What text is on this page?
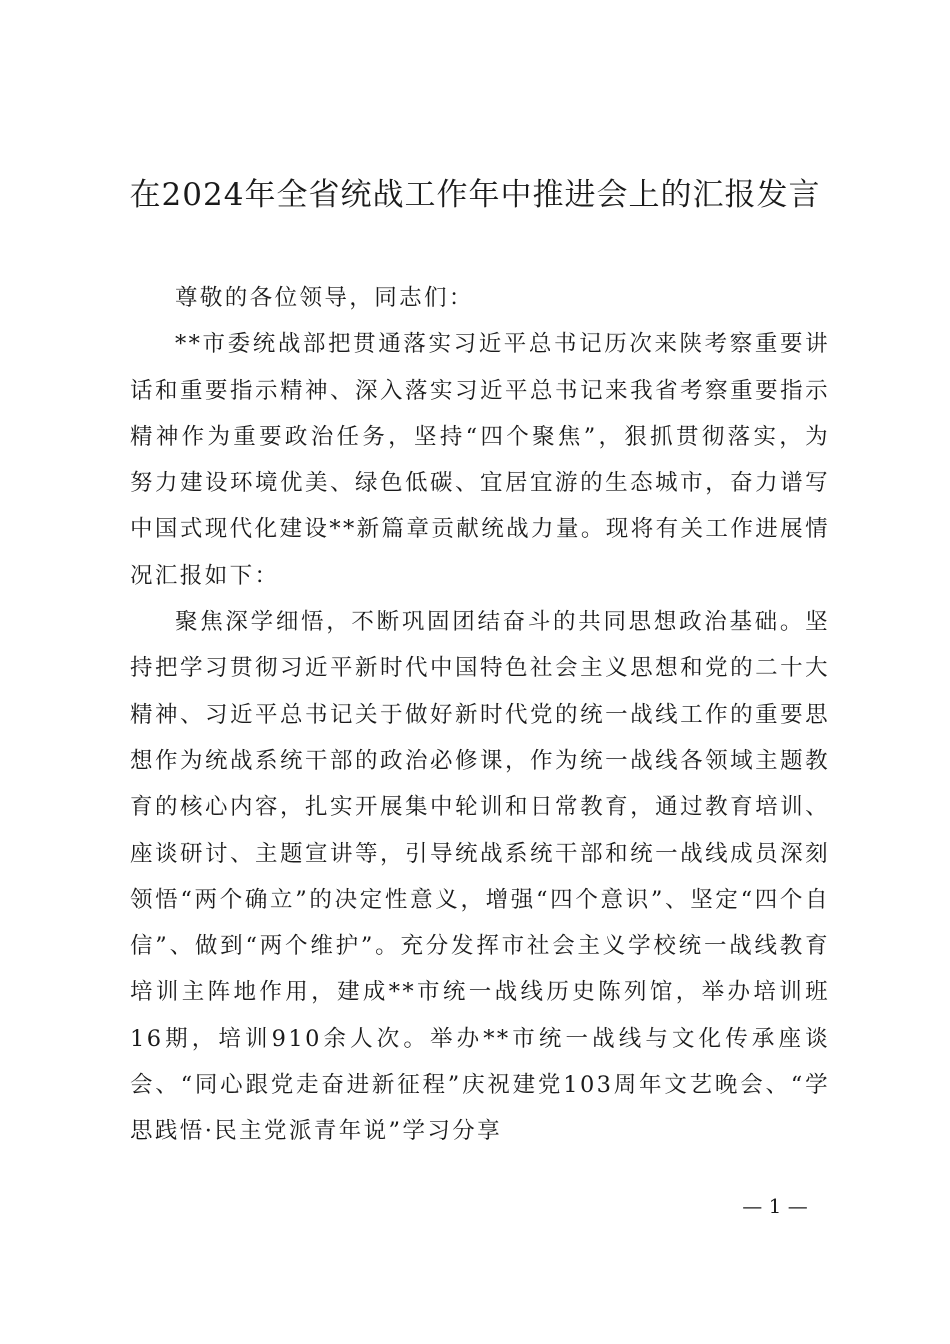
在2024年全省统战工作年中推进会上的汇报发言

尊敬的各位领导，同志们：

**市委统战部把贯通落实习近平总书记历次来陕考察重要讲话和重要指示精神、深入落实习近平总书记来我省考察重要指示精神作为重要政治任务，坚持“四个聚焦”，狠抓贯彻落实，为努力建设环境优美、绿色低碳、宜居宜游的生态城市，奋力谱写中国式现代化建设**新篇章贡献统战力量。现将有关工作进展情况汇报如下：

聚焦深学细悟，不断巩固团结奋斗的共同思想政治基础。坚持把学习贯彻习近平新时代中国特色社会主义思想和党的二十大精神、习近平总书记关于做好新时代党的统一战线工作的重要思想作为统战系统干部的政治必修课，作为统一战线各领域主题教育的核心内容，扎实开展集中轮训和日常教育，通过教育培训、座谈研讨、主题宣讲等，引导统战系统干部和统一战线成员深刻领悟“两个确立”的决定性意义，增强“四个意识”、坚定“四个自信”、做到“两个维护”。充分发挥市社会主义学校统一战线教育培训主阵地作用，建成**市统一战线历史陈列馆，举办培训班16期，培训910余人次。举办**市统一战线与文化传承座谈会、“同心跟党走奋进新征程”庆祝建党103周年文艺晚会、“学思践悟·民主党派青年说”学习分享

— 1 —
